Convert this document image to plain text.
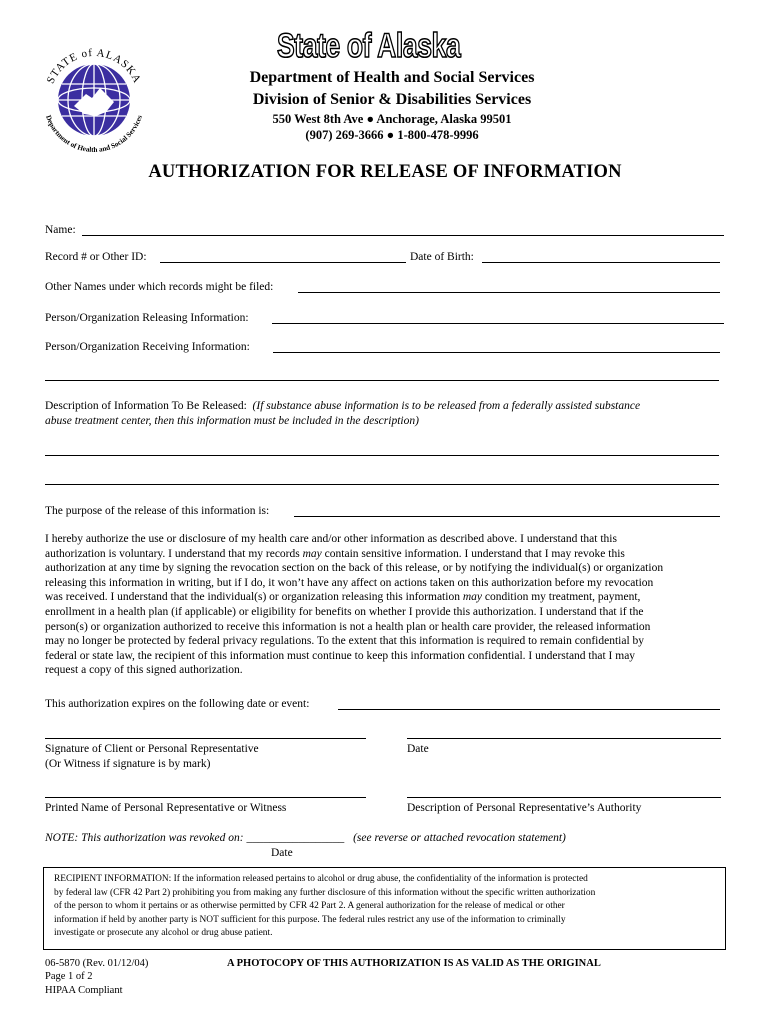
STATE of ALASKA
Department of Health and Social Services
State of Alaska
Department of Health and Social Services
Division of Senior & Disabilities Services
550 West 8th Ave ● Anchorage, Alaska 99501
(907) 269-3666 ● 1-800-478-9996
AUTHORIZATION FOR RELEASE OF INFORMATION
Name:
Record # or Other ID:	Date of Birth:
Other Names under which records might be filed:
Person/Organization Releasing Information:
Person/Organization Receiving Information:
Description of Information To Be Released: (If substance abuse information is to be released from a federally assisted substance
abuse treatment center, then this information must be included in the description)
The purpose of the release of this information is:

I hereby authorize the use or disclosure of my health care and/or other information as described above. I understand that this

authorization is voluntary. I understand that my records may contain sensitive information. I understand that I may revoke this

authorization at any time by signing the revocation section on the back of this release, or by notifying the individual(s) or organization

releasing this information in writing, but if I do, it won’t have any affect on actions taken on this authorization before my revocation

was received. I understand that the individual(s) or organization releasing this information may condition my treatment, payment,

enrollment in a health plan (if applicable) or eligibility for benefits on whether I provide this authorization. I understand that if the

person(s) or organization authorized to receive this information is not a health plan or health care provider, the released information

may no longer be protected by federal privacy regulations. To the extent that this information is required to remain confidential by

federal or state law, the recipient of this information must continue to keep this information confidential. I understand that I may

request a copy of this signed authorization.

This authorization expires on the following date or event:
Signature of Client or Personal Representative
(Or Witness if signature is by mark)
Date
Printed Name of Personal Representative or Witness	Description of Personal Representative’s Authority
NOTE: This authorization was revoked on: _________________ (see reverse or attached revocation statement)
Date
RECIPIENT INFORMATION: If the information released pertains to alcohol or drug abuse, the confidentiality of the information is protected
by federal law (CFR 42 Part 2) prohibiting you from making any further disclosure of this information without the specific written authorization
of the person to whom it pertains or as otherwise permitted by CFR 42 Part 2. A general authorization for the release of medical or other
information if held by another party is NOT sufficient for this purpose. The federal rules restrict any use of the information to criminally
investigate or prosecute any alcohol or drug abuse patient.
06-5870 (Rev. 01/12/04)
Page 1 of 2
HIPAA Compliant
A PHOTOCOPY OF THIS AUTHORIZATION IS AS VALID AS THE ORIGINAL
